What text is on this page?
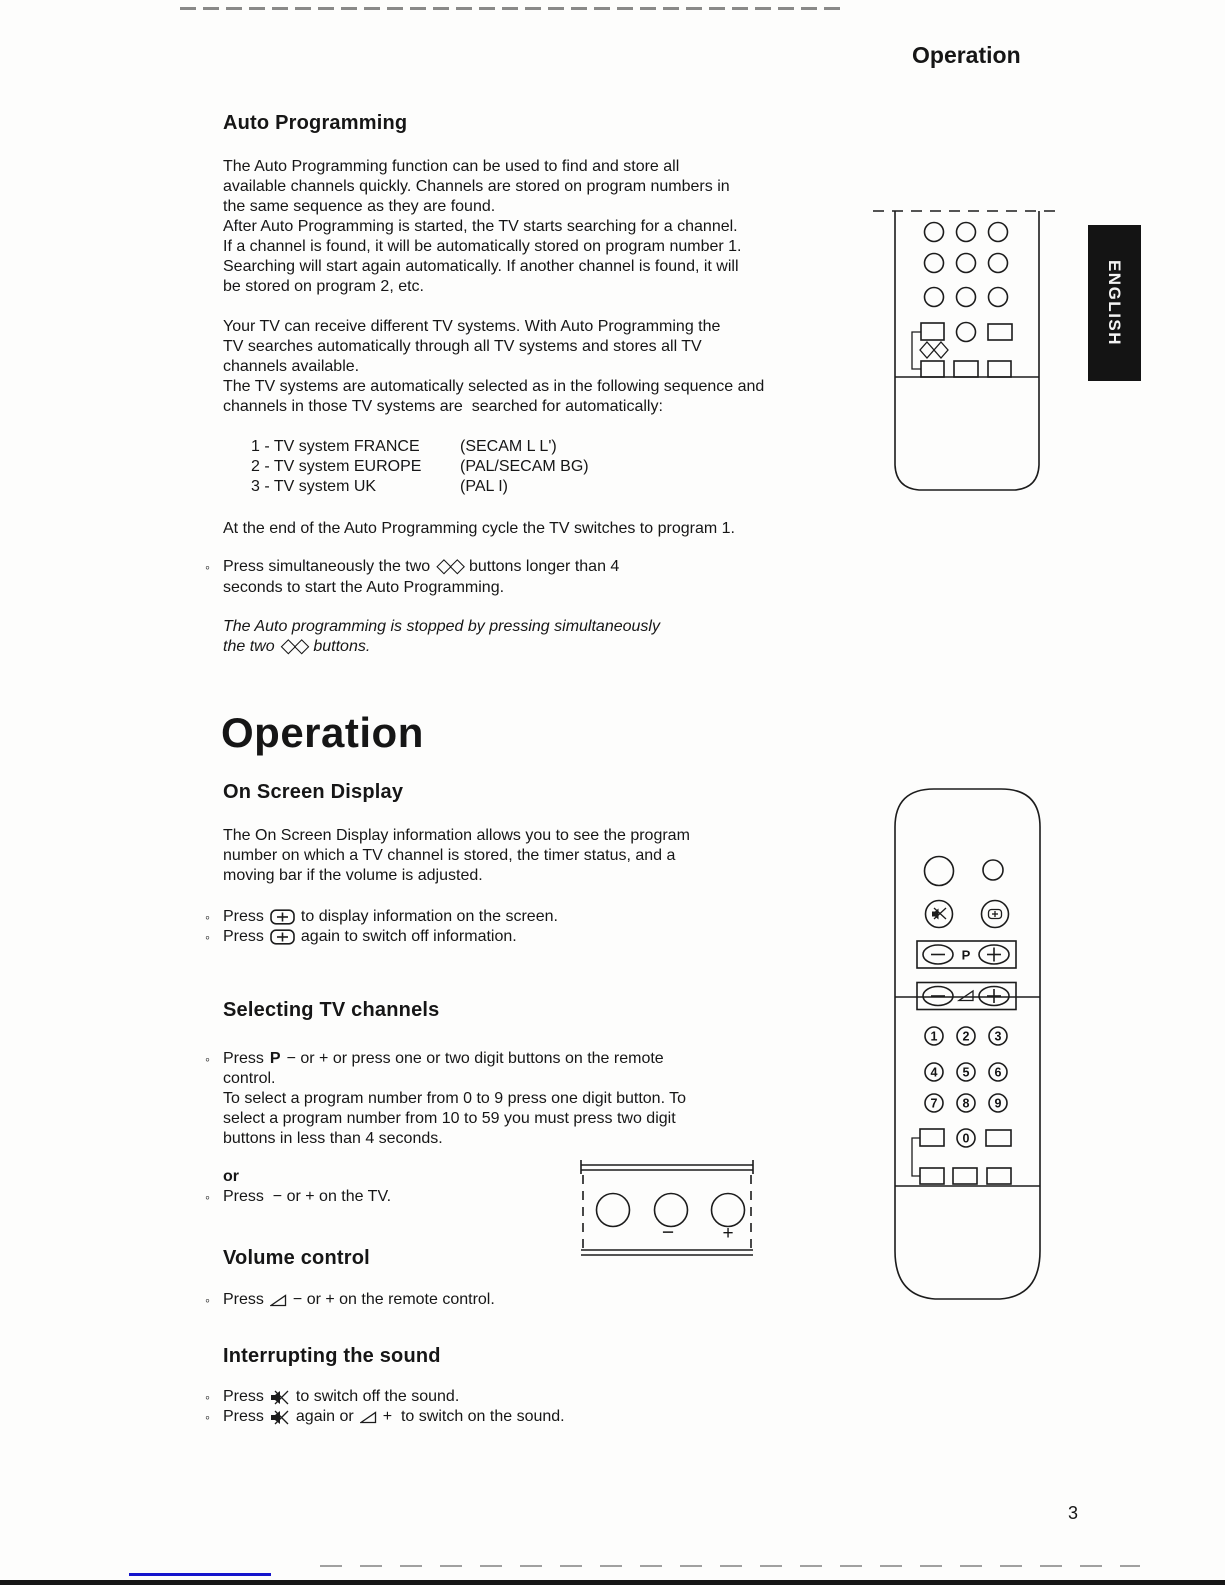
Operation
ENGLISH
Auto Programming
The Auto Programming function can be used to find and store all
available channels quickly. Channels are stored on program numbers in
the same sequence as they are found.
After Auto Programming is started, the TV starts searching for a channel.
If a channel is found, it will be automatically stored on program number 1.
Searching will start again automatically. If another channel is found, it will
be stored on program 2, etc.
Your TV can receive different TV systems. With Auto Programming the
TV searches automatically through all TV systems and stores all TV
channels available.
The TV systems are automatically selected as in the following sequence and
channels in those TV systems are  searched for automatically:
1 - TV system FRANCE	(SECAM L L')
2 - TV system EUROPE	(PAL/SECAM BG)
3 - TV system UK	(PAL I)
At the end of the Auto Programming cycle the TV switches to program 1.
◦ Press simultaneously the two ◇◇ buttons longer than 4
seconds to start the Auto Programming.
The Auto programming is stopped by pressing simultaneously
the two ◇◇ buttons.
Operation
On Screen Display
The On Screen Display information allows you to see the program
number on which a TV channel is stored, the timer status, and a
moving bar if the volume is adjusted.
◦ Press to display information on the screen.
◦ Press again to switch off information.
Selecting TV channels
◦ Press P − or + or press one or two digit buttons on the remote
control.
To select a program number from 0 to 9 press one digit button. To
select a program number from 10 to 59 you must press two digit
buttons in less than 4 seconds.
or
◦ Press  − or + on the TV.
Volume control
◦ Press − or + on the remote control.
Interrupting the sound
◦ Press to switch off the sound.
◦ Press again or +  to switch on the sound.
P
1 2 3
4 5 6
7 8 9
0
−	+
3
